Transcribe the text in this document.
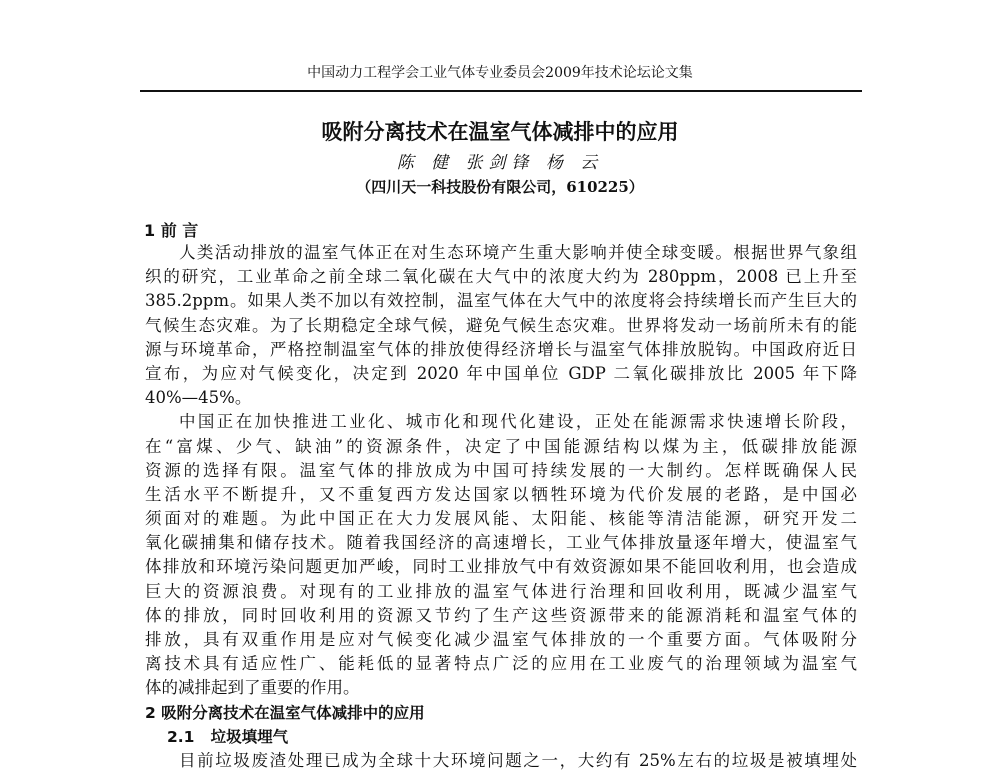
中国动力工程学会工业气体专业委员会2009年技术论坛论文集
吸附分离技术在温室气体减排中的应用
陈 健 张剑锋 杨 云
（四川天一科技股份有限公司，610225）
1 前 言
人类活动排放的温室气体正在对生态环境产生重大影响并使全球变暖。根据世界气象组
织的研究，工业革命之前全球二氧化碳在大气中的浓度大约为 280ppm，2008 已上升至
385.2ppm。如果人类不加以有效控制，温室气体在大气中的浓度将会持续增长而产生巨大的
气候生态灾难。为了长期稳定全球气候，避免气候生态灾难。世界将发动一场前所未有的能
源与环境革命，严格控制温室气体的排放使得经济增长与温室气体排放脱钩。中国政府近日
宣布，为应对气候变化，决定到 2020 年中国单位 GDP 二氧化碳排放比 2005 年下降
40%—45%。
中国正在加快推进工业化、城市化和现代化建设，正处在能源需求快速增长阶段，
在“富煤、少气、缺油”的资源条件，决定了中国能源结构以煤为主，低碳排放能源
资源的选择有限。温室气体的排放成为中国可持续发展的一大制约。怎样既确保人民
生活水平不断提升，又不重复西方发达国家以牺牲环境为代价发展的老路，是中国必
须面对的难题。为此中国正在大力发展风能、太阳能、核能等清洁能源，研究开发二
氧化碳捕集和储存技术。随着我国经济的高速增长，工业气体排放量逐年增大，使温室气
体排放和环境污染问题更加严峻，同时工业排放气中有效资源如果不能回收利用，也会造成
巨大的资源浪费。对现有的工业排放的温室气体进行治理和回收利用，既减少温室气
体的排放，同时回收利用的资源又节约了生产这些资源带来的能源消耗和温室气体的
排放，具有双重作用是应对气候变化减少温室气体排放的一个重要方面。气体吸附分
离技术具有适应性广、能耗低的显著特点广泛的应用在工业废气的治理领域为温室气
体的减排起到了重要的作用。
2 吸附分离技术在温室气体减排中的应用
2.1   垃圾填埋气
目前垃圾废渣处理已成为全球十大环境问题之一，大约有 25%左右的垃圾是被填埋处
